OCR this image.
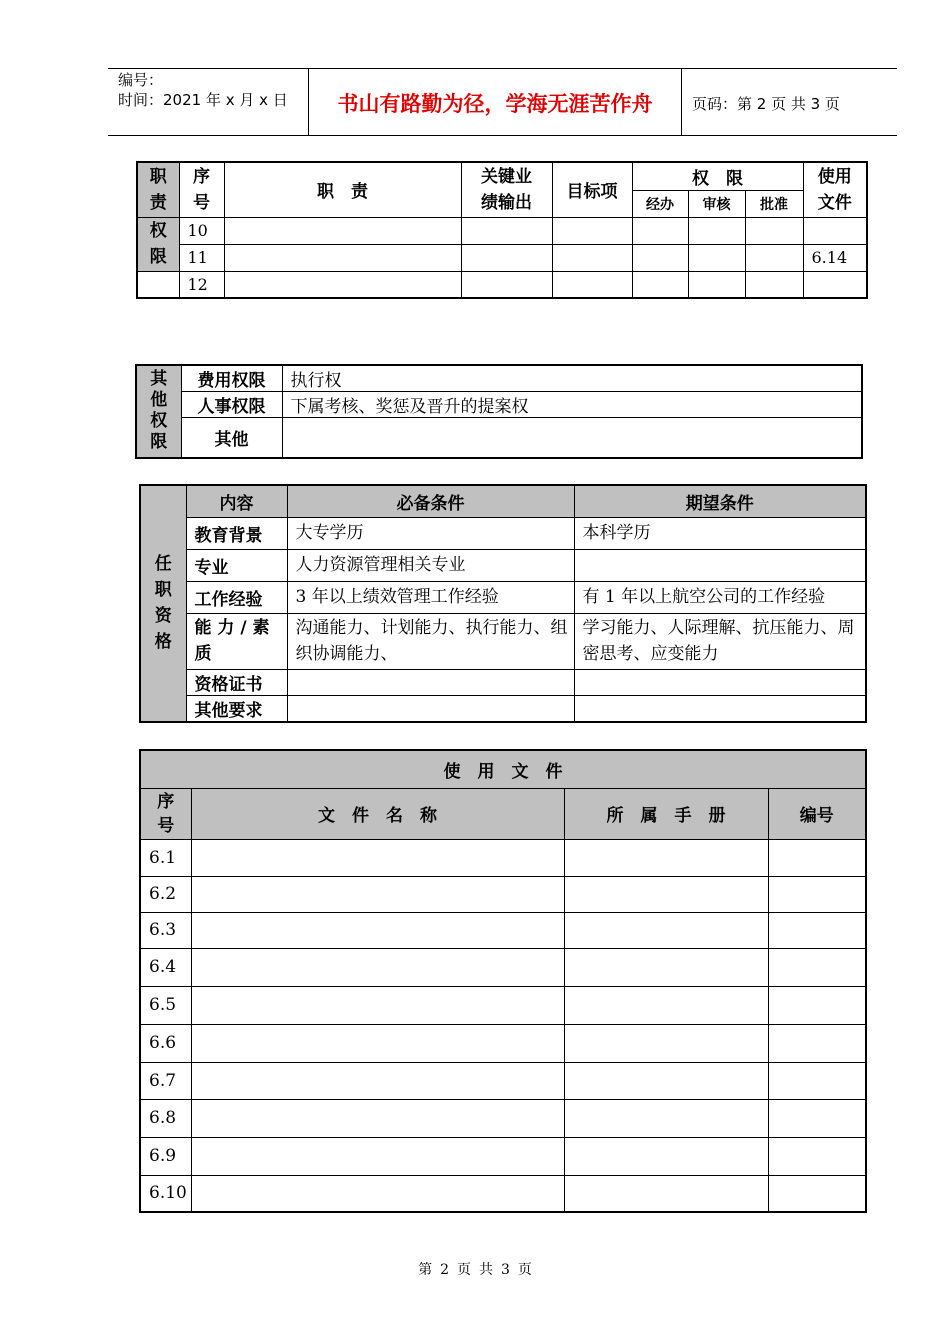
编号：
时间：2021 年 x 月 x 日	书山有路勤为径，学海无涯苦作舟	页码：第 2 页 共 3 页
职责	序号	职　责	关键业绩输出	目标项	权　限			使用文件
					经办	审核	批准	
权限	10							
	11							6.14
	12							
其他权限	费用权限	执行权
	人事权限	下属考核、奖惩及晋升的提案权
	其他	
任职资格	内容	必备条件	期望条件
	教育背景	大专学历	本科学历
	专业	人力资源管理相关专业	
	工作经验	3 年以上绩效管理工作经验	有 1 年以上航空公司的工作经验
	能 力 / 素 质	沟通能力、计划能力、执行能力、组织协调能力、	学习能力、人际理解、抗压能力、周密思考、应变能力
	资格证书		
	其他要求		
使　用　文　件			
序号	文　件　名　称	所　属　手　册	编号
6.1			
6.2			
6.3			
6.4			
6.5			
6.6			
6.7			
6.8			
6.9			
6.10			
第 2 页 共 3 页
